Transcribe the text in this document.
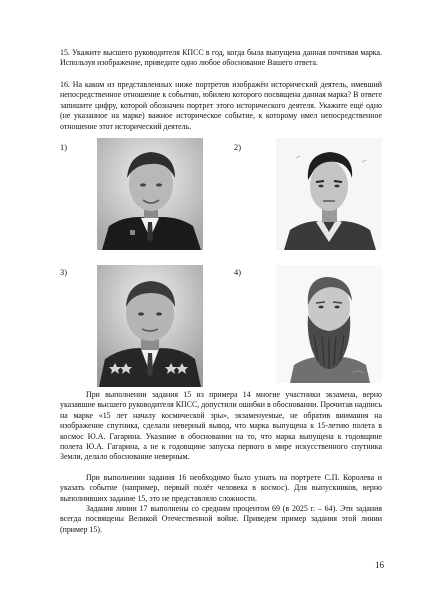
15. Укажите высшего руководителя КПСС в год, когда была выпущена данная почтовая марка. Используя изображение, приведите одно любое обоснование Вашего ответа.

16. На каком из представленных ниже портретов изображён исторический деятель, имевший непосредственное отношение к событию, юбилею которого посвящена данная марка? В ответе запишите цифру, которой обозначен портрет этого исторического деятеля. Укажите ещё одно (не указанное на марке) важное историческое событие, к которому имел непосредственное отношение этот исторический деятель.

1)	2)
3)	4)

При выполнении задания 15 из примера 14 многие участники экзамена, верно указавшие высшего руководителя КПСС, допустили ошибки в обосновании. Прочитав надпись на марке «15 лет началу космической эры», экзаменуемые, не обратив внимания на изображение спутника, сделали неверный вывод, что марка выпущена к 15-летию полета в космос Ю.А. Гагарина. Указание в обосновании на то, что марка выпущена к годовщине полета Ю.А. Гагарина, а не к годовщине запуска первого в мире искусственного спутника Земли, делало обоснование неверным.

При выполнении задания 16 необходимо было узнать на портрете С.П. Королева и указать событие (например, первый полёт человека в космос). Для выпускников, верно выполнивших задание 15, это не представляло сложности.

Задания линии 17 выполнены со средним процентом 69 (в 2025 г. – 64). Эти задания всегда посвящены Великой Отечественной войне. Приведем пример задания этой линии (пример 15).

16
